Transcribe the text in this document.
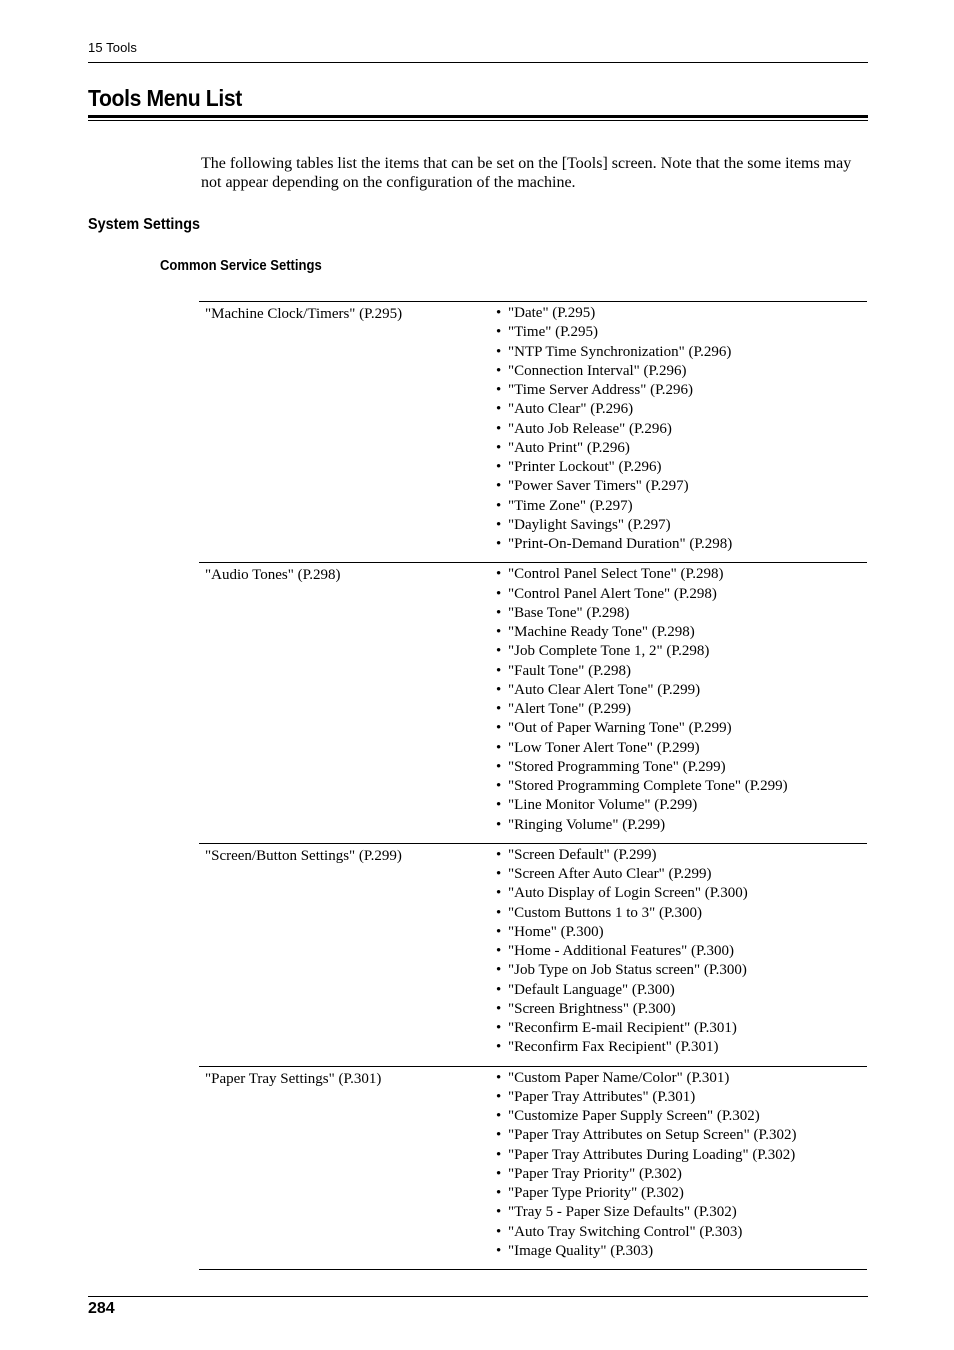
15 Tools
Tools Menu List

The following tables list the items that can be set on the [Tools] screen. Note that the some items may not appear depending on the configuration of the machine.

System Settings
Common Service Settings
"Machine Clock/Timers" (P.295)	• "Date" (P.295)
• "Time" (P.295)
• "NTP Time Synchronization" (P.296)
• "Connection Interval" (P.296)
• "Time Server Address" (P.296)
• "Auto Clear" (P.296)
• "Auto Job Release" (P.296)
• "Auto Print" (P.296)
• "Printer Lockout" (P.296)
• "Power Saver Timers" (P.297)
• "Time Zone" (P.297)
• "Daylight Savings" (P.297)
• "Print-On-Demand Duration" (P.298)
"Audio Tones" (P.298)	• "Control Panel Select Tone" (P.298)
• "Control Panel Alert Tone" (P.298)
• "Base Tone" (P.298)
• "Machine Ready Tone" (P.298)
• "Job Complete Tone 1, 2" (P.298)
• "Fault Tone" (P.298)
• "Auto Clear Alert Tone" (P.299)
• "Alert Tone" (P.299)
• "Out of Paper Warning Tone" (P.299)
• "Low Toner Alert Tone" (P.299)
• "Stored Programming Tone" (P.299)
• "Stored Programming Complete Tone" (P.299)
• "Line Monitor Volume" (P.299)
• "Ringing Volume" (P.299)
"Screen/Button Settings" (P.299)	• "Screen Default" (P.299)
• "Screen After Auto Clear" (P.299)
• "Auto Display of Login Screen" (P.300)
• "Custom Buttons 1 to 3" (P.300)
• "Home" (P.300)
• "Home - Additional Features" (P.300)
• "Job Type on Job Status screen" (P.300)
• "Default Language" (P.300)
• "Screen Brightness" (P.300)
• "Reconfirm E-mail Recipient" (P.301)
• "Reconfirm Fax Recipient" (P.301)
"Paper Tray Settings" (P.301)	• "Custom Paper Name/Color" (P.301)
• "Paper Tray Attributes" (P.301)
• "Customize Paper Supply Screen" (P.302)
• "Paper Tray Attributes on Setup Screen" (P.302)
• "Paper Tray Attributes During Loading" (P.302)
• "Paper Tray Priority" (P.302)
• "Paper Type Priority" (P.302)
• "Tray 5 - Paper Size Defaults" (P.302)
• "Auto Tray Switching Control" (P.303)
• "Image Quality" (P.303)
284
